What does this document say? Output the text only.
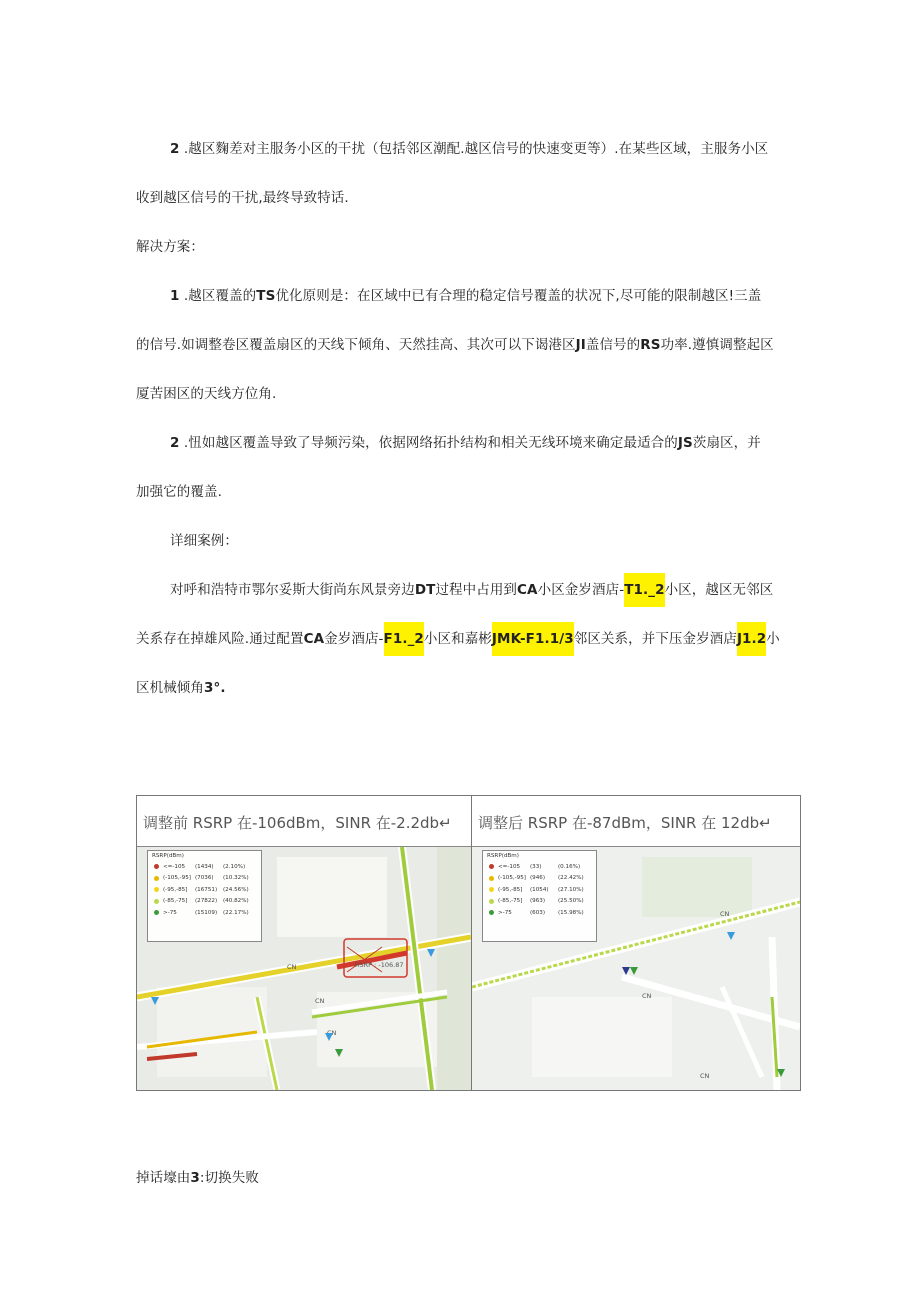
2 .越区麴差对主服务小区的干扰（包括邻区潮配.越区信号的快速变更等）.在某些区域，主服务小区
收到越区信号的干扰,最终导致特话.
解决方案：
1 .越区覆盖的TS优化原则是：在区域中已有合理的稳定信号覆盖的状况下,尽可能的限制越区!三盖
的信号.如调整卷区覆盖扇区的天线下倾角、天然挂高、其次可以下谒港区JI盖信号的RS功率.遵慎调整起区
厦苦困区的天线方位角.
2 .忸如越区覆盖导致了导频污染，依据网络拓扑结构和相关无线环境来确定最适合的JS茨扇区，并
加强它的覆盖.
详细案例：
对呼和浩特市鄂尔妥斯大街尚东风景旁边DT过程中占用到CA小区金岁酒店-T1._2小区，越区无邻区
关系存在掉雄风险.通过配置CA金岁酒店-F1._2小区和嘉彬JMK-F1.1/3邻区关系，并下压金岁酒店J1.2小
区机械倾角3°.
调整前 RSRP 在-106dBm，SINR 在-2.2db↵
RSRP(dBm)
<=-105	(1434)	(2.10%)
(-105,-95] (7036)	(10.32%)
(-95,-85]	(16751)	(24.56%)
(-85,-75]	(27822)	(40.82%)
>-75	(15109)	(22.17%)
RSRP : -106.87
CN
CN
CN
调整后 RSRP 在-87dBm，SINR 在 12db↵
RSRP(dBm)
<=-105	(33)	(0.16%)
(-105,-95] (946)	(22.42%)
(-95,-85]	(1054)	(27.10%)
(-85,-75]	(963)	(25.50%)
>-75	(603)	(15.98%)	CN
CN
CN
掉话壕由3:切换失败
